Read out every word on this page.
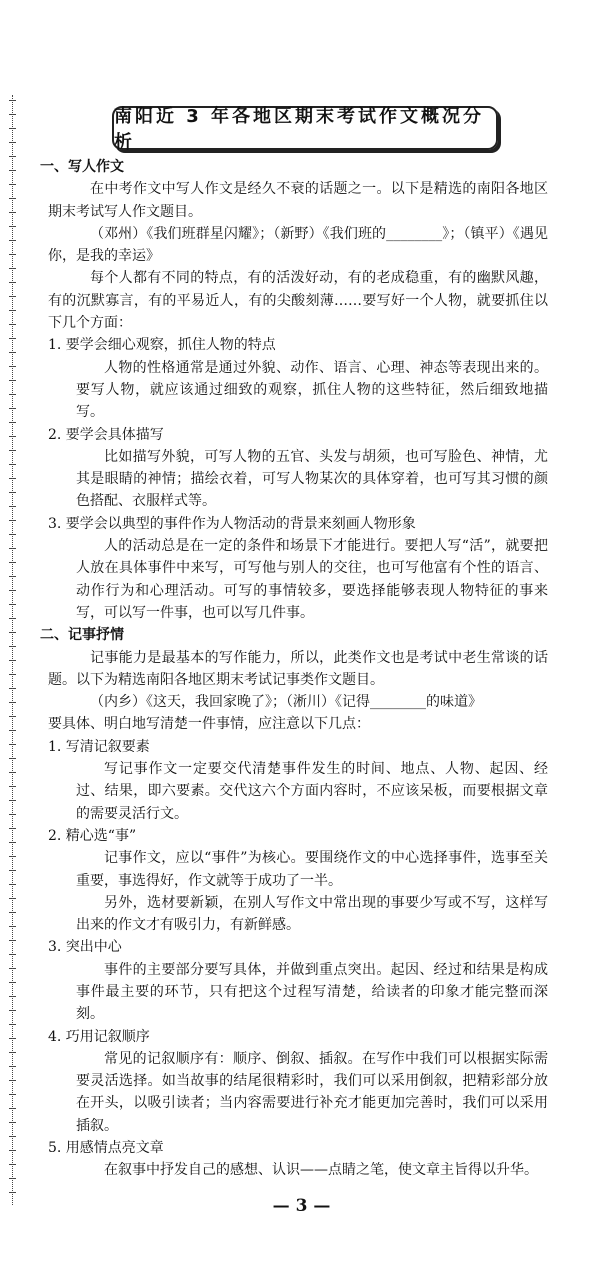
南阳近 3 年各地区期末考试作文概况分析
一、写人作文
在中考作文中写人作文是经久不衰的话题之一。以下是精选的南阳各地区期末考试写人作文题目。
（邓州）《我们班群星闪耀》；（新野）《我们班的________》；（镇平）《遇见你，是我的幸运》
每个人都有不同的特点，有的活泼好动，有的老成稳重，有的幽默风趣，有的沉默寡言，有的平易近人，有的尖酸刻薄……要写好一个人物，就要抓住以下几个方面：
1. 要学会细心观察，抓住人物的特点
人物的性格通常是通过外貌、动作、语言、心理、神态等表现出来的。要写人物，就应该通过细致的观察，抓住人物的这些特征，然后细致地描写。
2. 要学会具体描写
比如描写外貌，可写人物的五官、头发与胡须，也可写脸色、神情，尤其是眼睛的神情；描绘衣着，可写人物某次的具体穿着，也可写其习惯的颜色搭配、衣服样式等。
3. 要学会以典型的事件作为人物活动的背景来刻画人物形象
人的活动总是在一定的条件和场景下才能进行。要把人写“活”，就要把人放在具体事件中来写，可写他与别人的交往，也可写他富有个性的语言、动作行为和心理活动。可写的事情较多，要选择能够表现人物特征的事来写，可以写一件事，也可以写几件事。
二、记事抒情
记事能力是最基本的写作能力，所以，此类作文也是考试中老生常谈的话题。以下为精选南阳各地区期末考试记事类作文题目。
（内乡）《这天，我回家晚了》；（淅川）《记得________的味道》
要具体、明白地写清楚一件事情，应注意以下几点：
1. 写清记叙要素
写记事作文一定要交代清楚事件发生的时间、地点、人物、起因、经过、结果，即六要素。交代这六个方面内容时，不应该呆板，而要根据文章的需要灵活行文。
2. 精心选“事”
记事作文，应以“事件”为核心。要围绕作文的中心选择事件，选事至关重要，事选得好，作文就等于成功了一半。
另外，选材要新颖，在别人写作文中常出现的事要少写或不写，这样写出来的作文才有吸引力，有新鲜感。
3. 突出中心
事件的主要部分要写具体，并做到重点突出。起因、经过和结果是构成事件最主要的环节，只有把这个过程写清楚，给读者的印象才能完整而深刻。
4. 巧用记叙顺序
常见的记叙顺序有：顺序、倒叙、插叙。在写作中我们可以根据实际需要灵活选择。如当故事的结尾很精彩时，我们可以采用倒叙，把精彩部分放在开头，以吸引读者；当内容需要进行补充才能更加完善时，我们可以采用插叙。
5. 用感情点亮文章
在叙事中抒发自己的感想、认识——点睛之笔，使文章主旨得以升华。
— 3 —
